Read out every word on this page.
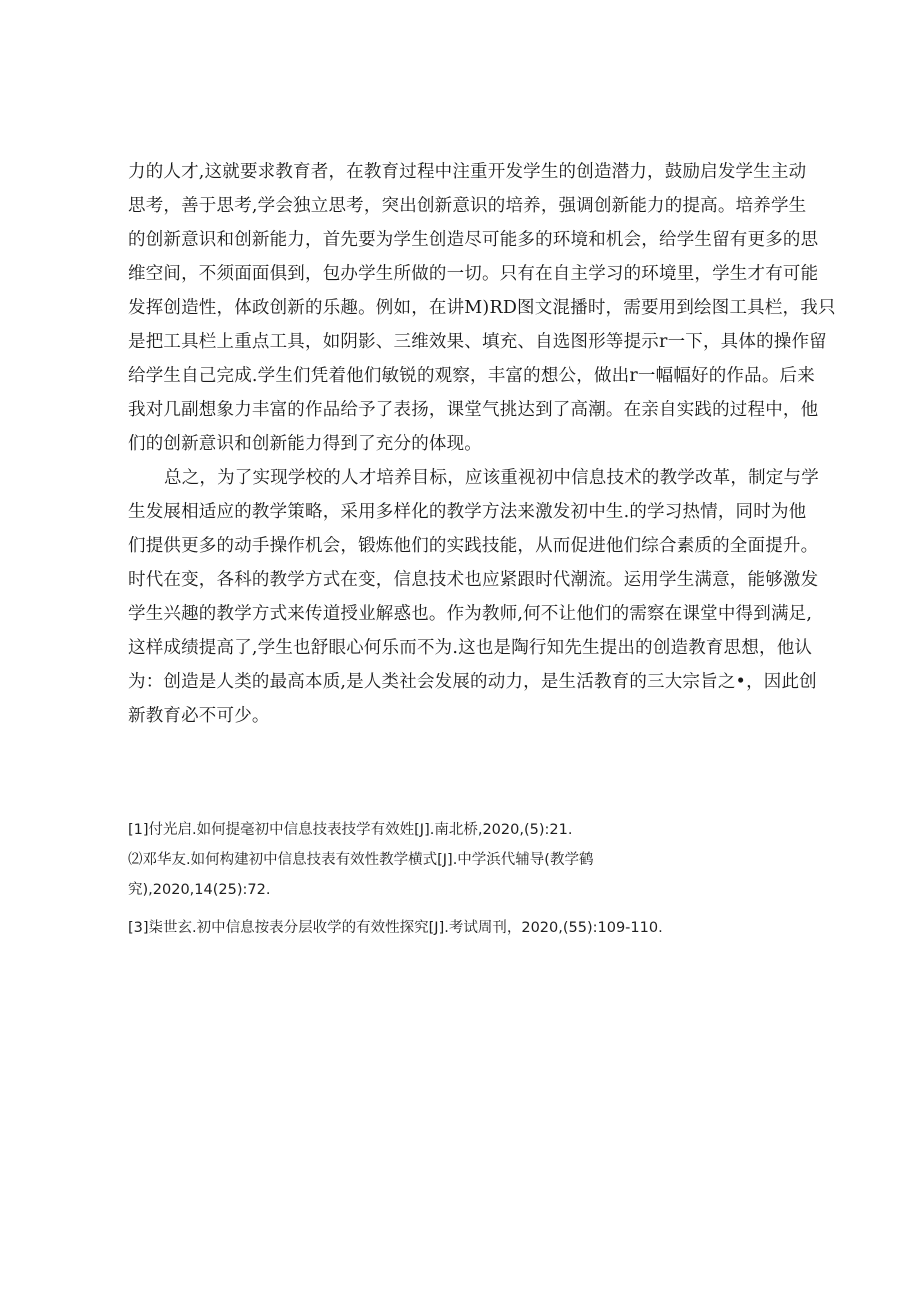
力的人才,这就要求教育者，在教育过程中注重开发学生的创造潜力，鼓励启发学生主动
思考，善于思考,学会独立思考，突出创新意识的培养，强调创新能力的提高。培养学生
的创新意识和创新能力，首先要为学生创造尽可能多的环境和机会，给学生留有更多的思
维空间，不须面面俱到，包办学生所做的一切。只有在自主学习的环境里，学生才有可能
发挥创造性，体政创新的乐趣。例如，在讲M)RD图文混播时，需要用到绘图工具栏，我只
是把工具栏上重点工具，如阴影、三维效果、填充、自选图形等提示r一下，具体的操作留
给学生自己完成.学生们凭着他们敏锐的观察，丰富的想公，做出r一幅幅好的作品。后来
我对几副想象力丰富的作品给予了表扬，课堂气挑达到了高潮。在亲自实践的过程中，他
们的创新意识和创新能力得到了充分的体现。
总之，为了实现学校的人才培养目标，应该重视初中信息技术的教学改革，制定与学
生发展相适应的教学策略，采用多样化的教学方法来激发初中生.的学习热情，同时为他
们提供更多的动手操作机会，锻炼他们的实践技能，从而促进他们综合素质的全面提升。
时代在变，各科的教学方式在变，信息技术也应紧跟时代潮流。运用学生满意，能够激发
学生兴趣的教学方式来传道授业解惑也。作为教师,何不让他们的需察在课堂中得到满足,
这样成绩提高了,学生也舒眼心何乐而不为.这也是陶行知先生提出的创造教育思想，他认
为：创造是人类的最高本质,是人类社会发展的动力，是生活教育的三大宗旨之•，因此创
新教育必不可少。
[1]付光启.如何提毫初中信息技表技学有效姓[J].南北桥,2020,(5):21.
⑵邓华友.如何构建初中信息技表有效性教学横式[J].中学浜代辅导(教学鹤
究),2020,14(25):72.
[3]柒世玄.初中信息按表分层收学的有效性探究[J].考试周刊，2020,(55):109-110.
